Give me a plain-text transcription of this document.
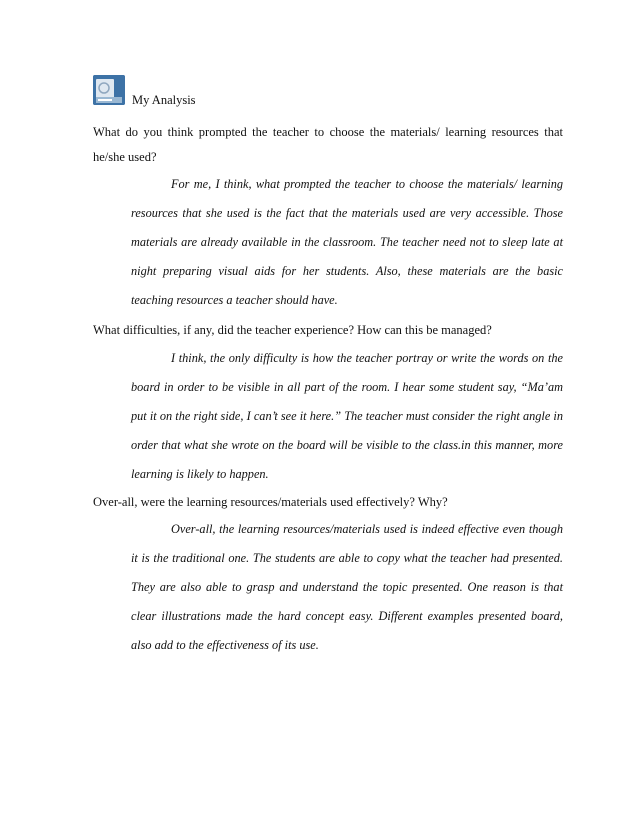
My Analysis
What do you think prompted the teacher to choose the materials/ learning resources that he/she used?
For me, I think, what prompted the teacher to choose the materials/ learning resources that she used is the fact that the materials used are very accessible. Those materials are already available in the classroom. The teacher need not to sleep late at night preparing visual aids for her students. Also, these materials are the basic teaching resources a teacher should have.
What difficulties, if any, did the teacher experience? How can this be managed?
I think, the only difficulty is how the teacher portray or write the words on the board in order to be visible in all part of the room. I hear some student say, “Ma’am put it on the right side, I can’t see it here.” The teacher must consider the right angle in order that what she wrote on the board will be visible to the class.in this manner, more learning is likely to happen.
Over-all, were the learning resources/materials used effectively? Why?
Over-all, the learning resources/materials used is indeed effective even though it is the traditional one. The students are able to copy what the teacher had presented. They are also able to grasp and understand the topic presented. One reason is that clear illustrations made the hard concept easy. Different examples presented board, also add to the effectiveness of its use.
